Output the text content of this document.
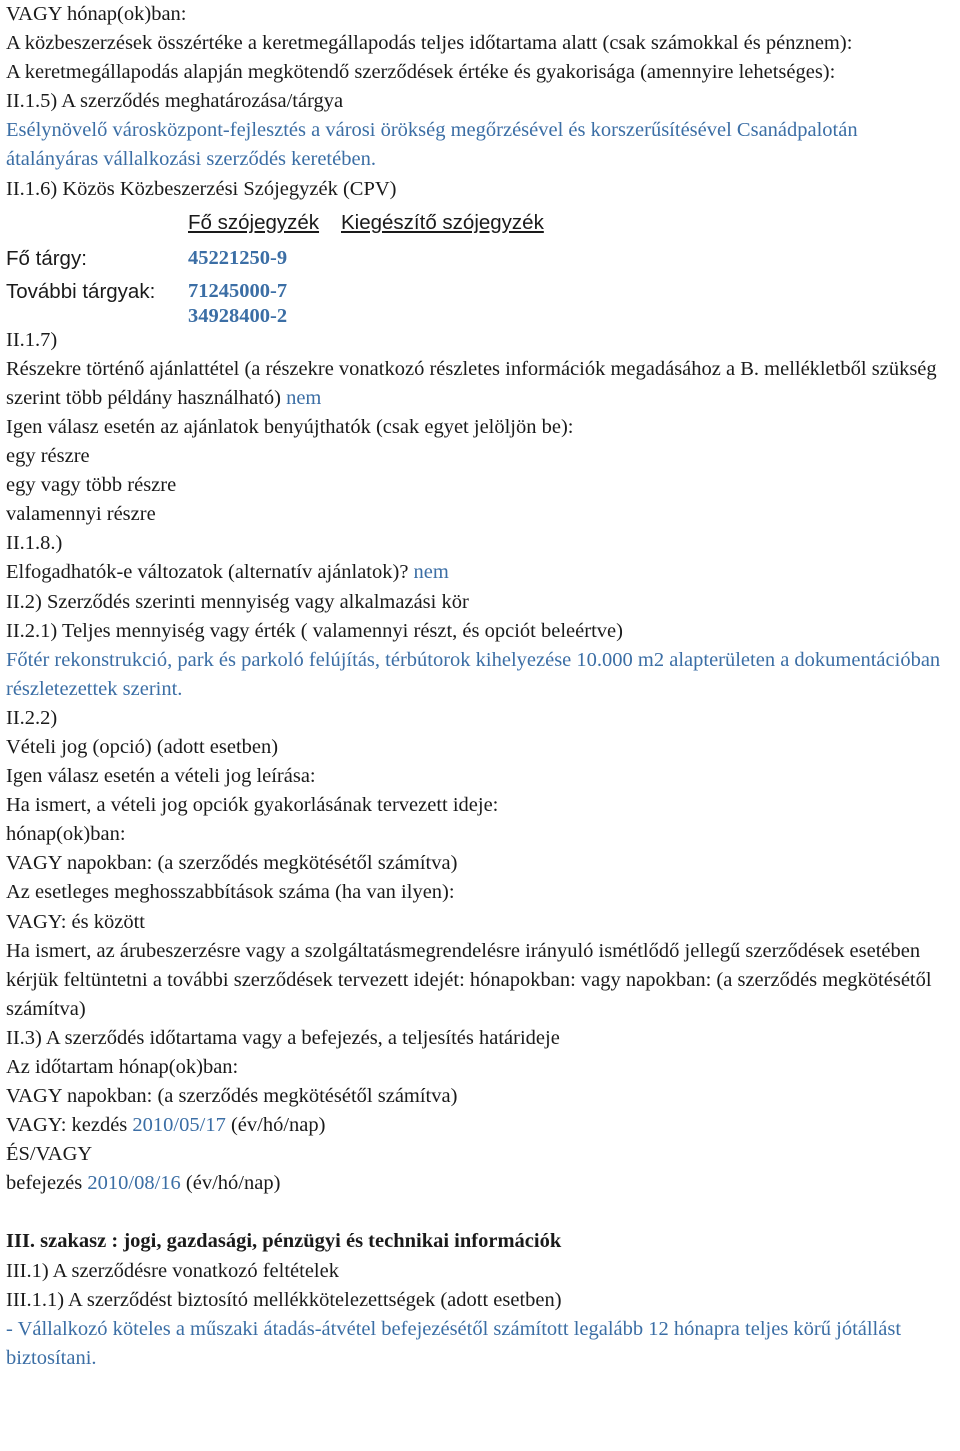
VAGY hónap(ok)ban:

A közbeszerzések összértéke a keretmegállapodás teljes időtartama alatt (csak számokkal és pénznem):

A keretmegállapodás alapján megkötendő szerződések értéke és gyakorisága (amennyire lehetséges):

II.1.5) A szerződés meghatározása/tárgya

Esélynövelő városközpont-fejlesztés a városi örökség megőrzésével és korszerűsítésével Csanádpalotán átalányáras vállalkozási szerződés keretében.

II.1.6) Közös Közbeszerzési Szójegyzék (CPV)

Fő szójegyzék Kiegészítő szójegyzék
Fő tárgy:	45221250-9
További tárgyak: 71245000-7
34928400-2

II.1.7)

Részekre történő ajánlattétel (a részekre vonatkozó részletes információk megadásához a B. mellékletből szükség szerint több példány használható) nem

Igen válasz esetén az ajánlatok benyújthatók (csak egyet jelöljön be):

egy részre

egy vagy több részre

valamennyi részre

II.1.8.)

Elfogadhatók-e változatok (alternatív ajánlatok)? nem

II.2) Szerződés szerinti mennyiség vagy alkalmazási kör

II.2.1) Teljes mennyiség vagy érték ( valamennyi részt, és opciót beleértve)

Főtér rekonstrukció, park és parkoló felújítás, térbútorok kihelyezése 10.000 m2 alapterületen a dokumentációban részletezettek szerint.

II.2.2)

Vételi jog (opció) (adott esetben)

Igen válasz esetén a vételi jog leírása:

Ha ismert, a vételi jog opciók gyakorlásának tervezett ideje:

hónap(ok)ban:

VAGY napokban: (a szerződés megkötésétől számítva)

Az esetleges meghosszabbítások száma (ha van ilyen):

VAGY: és között

Ha ismert, az árubeszerzésre vagy a szolgáltatásmegrendelésre irányuló ismétlődő jellegű szerződések esetében kérjük feltüntetni a további szerződések tervezett idejét: hónapokban: vagy napokban: (a szerződés megkötésétől számítva)

II.3) A szerződés időtartama vagy a befejezés, a teljesítés határideje

Az időtartam hónap(ok)ban:

VAGY napokban: (a szerződés megkötésétől számítva)

VAGY: kezdés 2010/05/17 (év/hó/nap)

ÉS/VAGY

befejezés 2010/08/16 (év/hó/nap)

III. szakasz : jogi, gazdasági, pénzügyi és technikai információk

III.1) A szerződésre vonatkozó feltételek

III.1.1) A szerződést biztosító mellékkötelezettségek (adott esetben)

- Vállalkozó köteles a műszaki átadás-átvétel befejezésétől számított legalább 12 hónapra teljes körű jótállást biztosítani.
